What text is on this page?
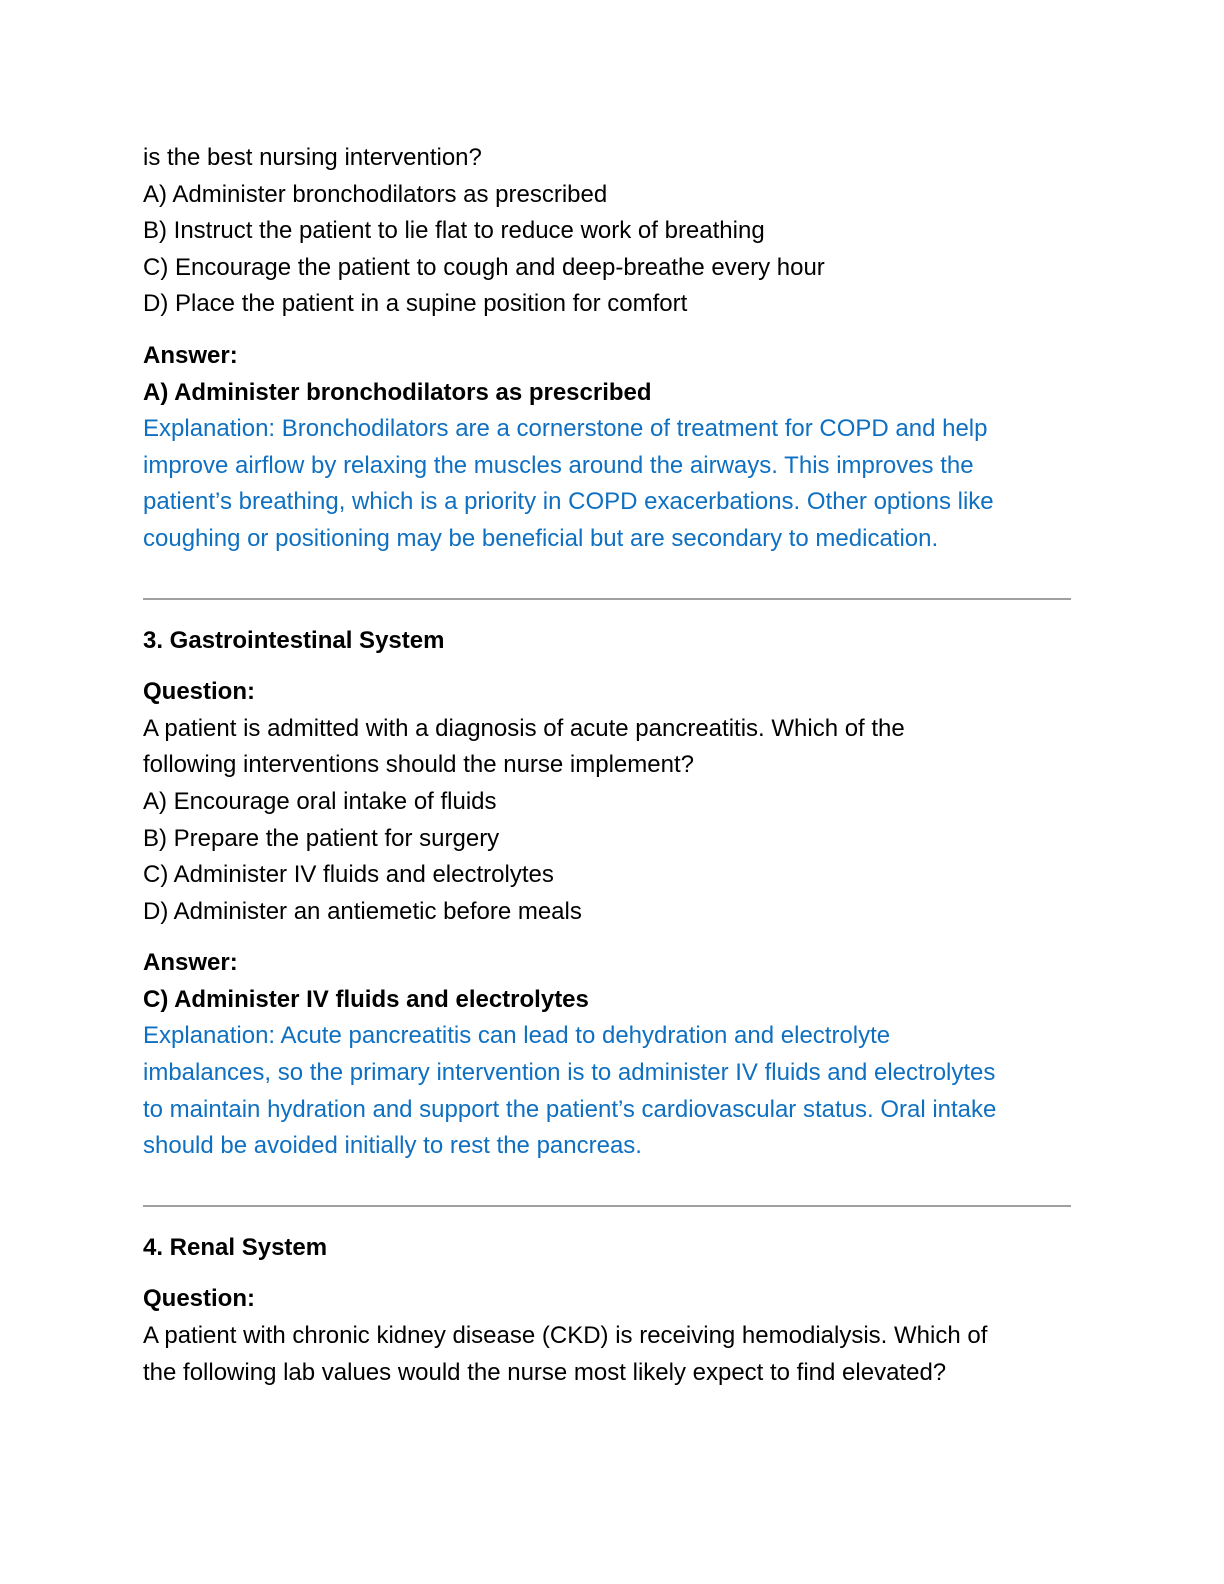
is the best nursing intervention?

A) Administer bronchodilators as prescribed

B) Instruct the patient to lie flat to reduce work of breathing

C) Encourage the patient to cough and deep-breathe every hour

D) Place the patient in a supine position for comfort

Answer:

A) Administer bronchodilators as prescribed

Explanation: Bronchodilators are a cornerstone of treatment for COPD and help

improve airflow by relaxing the muscles around the airways. This improves the

patient’s breathing, which is a priority in COPD exacerbations. Other options like

coughing or positioning may be beneficial but are secondary to medication.

3. Gastrointestinal System

Question:

A patient is admitted with a diagnosis of acute pancreatitis. Which of the

following interventions should the nurse implement?

A) Encourage oral intake of fluids

B) Prepare the patient for surgery

C) Administer IV fluids and electrolytes

D) Administer an antiemetic before meals

Answer:

C) Administer IV fluids and electrolytes

Explanation: Acute pancreatitis can lead to dehydration and electrolyte

imbalances, so the primary intervention is to administer IV fluids and electrolytes

to maintain hydration and support the patient’s cardiovascular status. Oral intake

should be avoided initially to rest the pancreas.

4. Renal System

Question:

A patient with chronic kidney disease (CKD) is receiving hemodialysis. Which of

the following lab values would the nurse most likely expect to find elevated?
